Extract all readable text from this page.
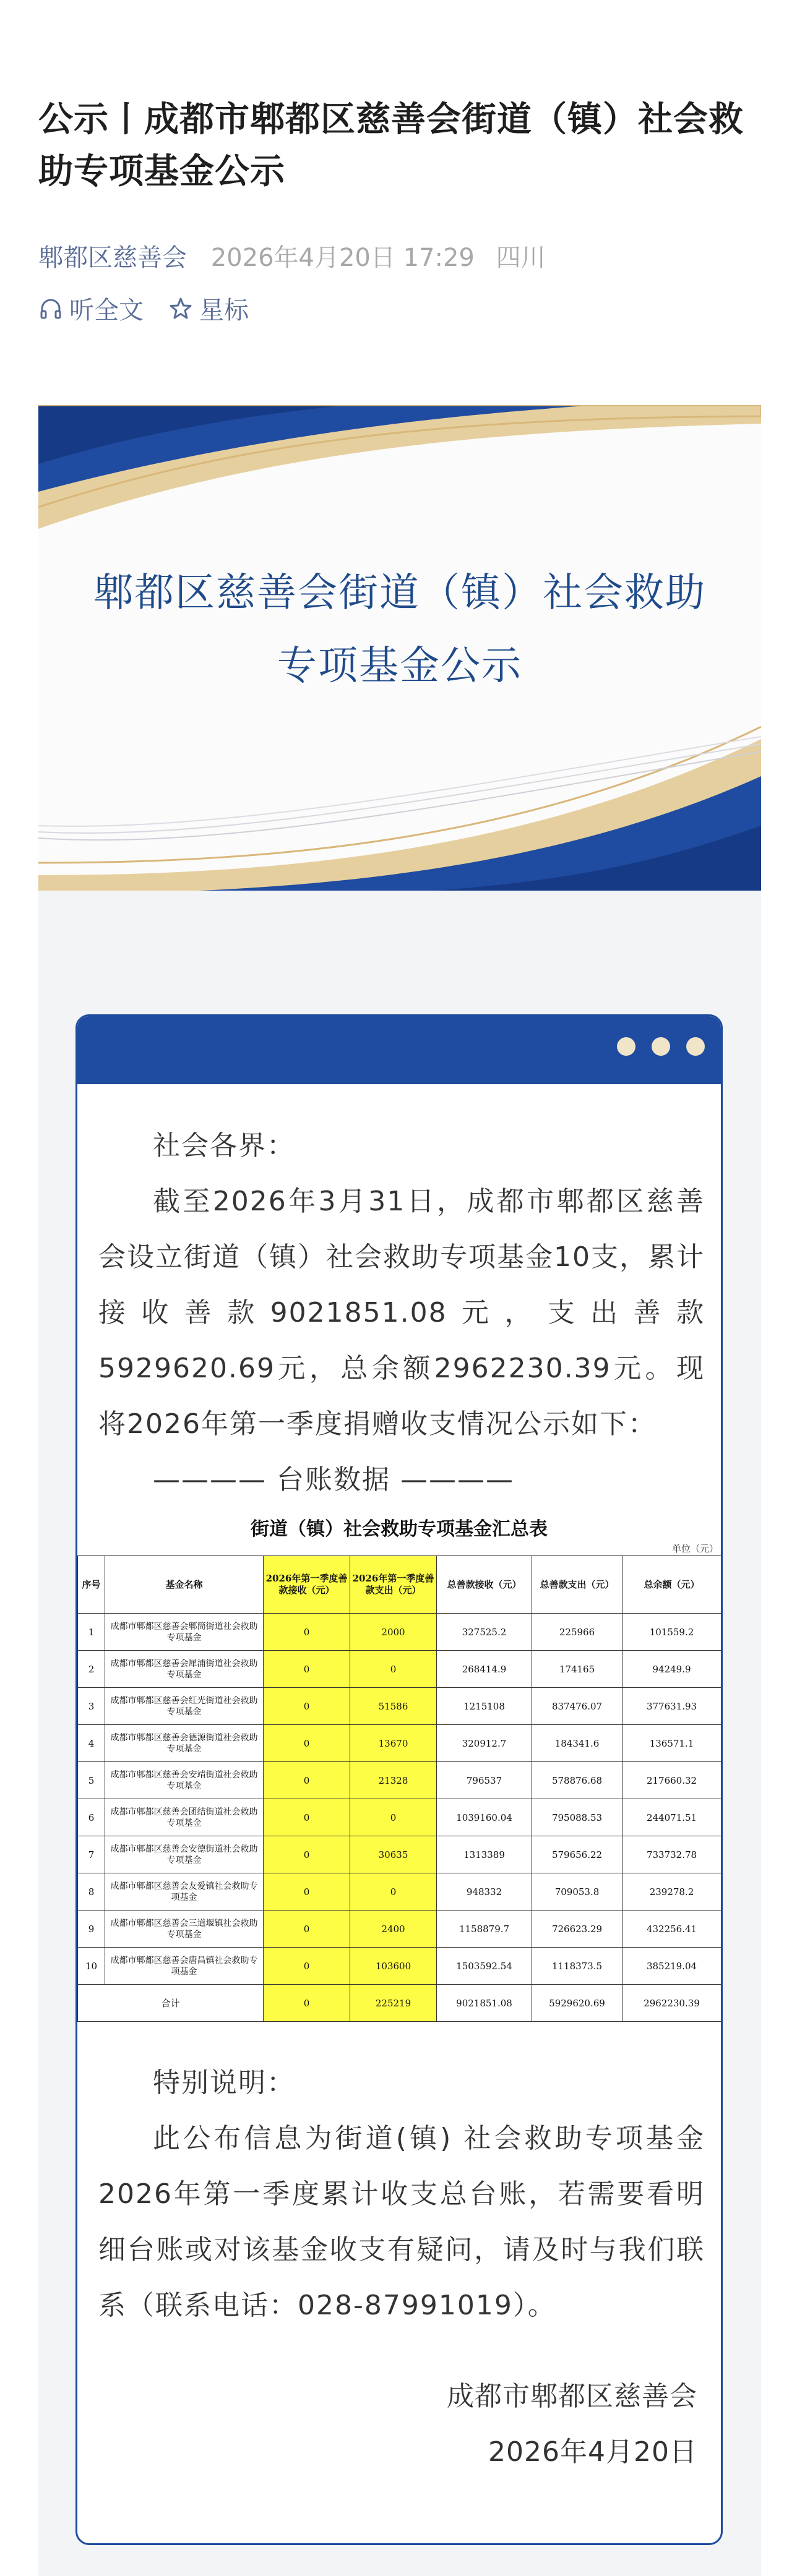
公示丨成都市郫都区慈善会街道（镇）社会救助专项基金公示
郫都区慈善会 2026年4月20日 17:29 四川
听全文 星标
郫都区慈善会街道（镇）社会救助
专项基金公示
社会各界：
截至2026年3月31日，成都市郫都区慈善会设立街道（镇）社会救助专项基金10支，累计接收善款9021851.08元，支出善款5929620.69元，总余额2962230.39元。现将2026年第一季度捐赠收支情况公示如下：
———— 台账数据 ————
街道（镇）社会救助专项基金汇总表
单位（元）
序号	基金名称	2026年第一季度善款接收（元）	2026年第一季度善款支出（元）	总善款接收（元）	总善款支出（元）	总余额（元）
1	成都市郫都区慈善会郫筒街道社会救助专项基金	0	2000	327525.2	225966	101559.2
2	成都市郫都区慈善会犀浦街道社会救助专项基金	0	0	268414.9	174165	94249.9
3	成都市郫都区慈善会红光街道社会救助专项基金	0	51586	1215108	837476.07	377631.93
4	成都市郫都区慈善会德源街道社会救助专项基金	0	13670	320912.7	184341.6	136571.1
5	成都市郫都区慈善会安靖街道社会救助专项基金	0	21328	796537	578876.68	217660.32
6	成都市郫都区慈善会团结街道社会救助专项基金	0	0	1039160.04	795088.53	244071.51
7	成都市郫都区慈善会安德街道社会救助专项基金	0	30635	1313389	579656.22	733732.78
8	成都市郫都区慈善会友爱镇社会救助专项基金	0	0	948332	709053.8	239278.2
9	成都市郫都区慈善会三道堰镇社会救助专项基金	0	2400	1158879.7	726623.29	432256.41
10	成都市郫都区慈善会唐昌镇社会救助专项基金	0	103600	1503592.54	1118373.5	385219.04
合计		0	225219	9021851.08	5929620.69	2962230.39
特别说明：
此公布信息为街道(镇) 社会救助专项基金2026年第一季度累计收支总台账，若需要看明细台账或对该基金收支有疑问，请及时与我们联系（联系电话：028-87991019）。
成都市郫都区慈善会
2026年4月20日
